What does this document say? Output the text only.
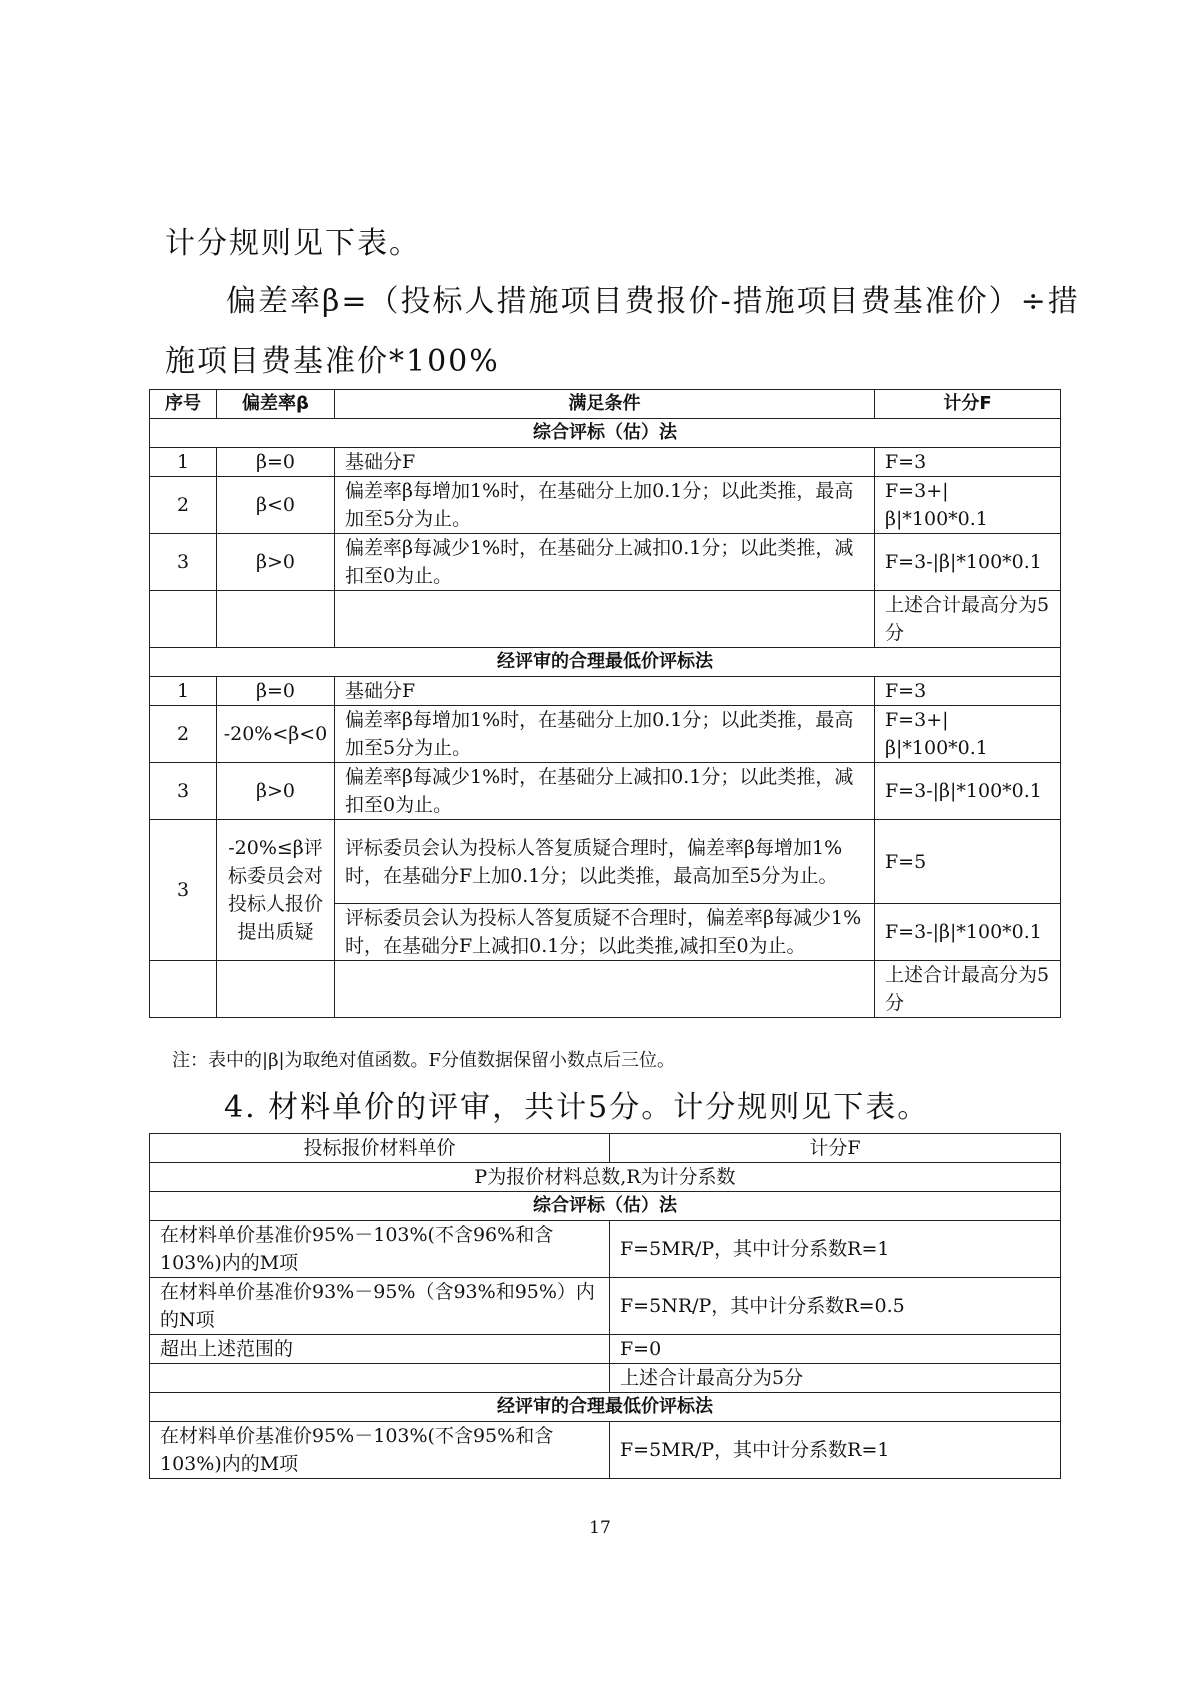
计分规则见下表。

偏差率β=（投标人措施项目费报价-措施项目费基准价）÷措

施项目费基准价*100%

序号	偏差率β	满足条件	计分F
综合评标（估）法			
1	β=0	基础分F	F=3
2	β<0	偏差率β每增加1%时，在基础分上加0.1分；以此类推，最高加至5分为止。	F=3+|β|*100*0.1
3	β>0	偏差率β每减少1%时，在基础分上减扣0.1分；以此类推，减扣至0为止。	F=3-|β|*100*0.1
			上述合计最高分为5分
经评审的合理最低价评标法			
1	β=0	基础分F	F=3
2	-20%<β<0	偏差率β每增加1%时，在基础分上加0.1分；以此类推，最高加至5分为止。	F=3+|β|*100*0.1
3	β>0	偏差率β每减少1%时，在基础分上减扣0.1分；以此类推，减扣至0为止。	F=3-|β|*100*0.1
3	-20%≤β评标委员会对投标人报价提出质疑	评标委员会认为投标人答复质疑合理时，偏差率β每增加1%时，在基础分F上加0.1分；以此类推，最高加至5分为止。	F=5
		评标委员会认为投标人答复质疑不合理时，偏差率β每减少1%时，在基础分F上减扣0.1分；以此类推,减扣至0为止。	F=3-|β|*100*0.1
			上述合计最高分为5分

注：表中的|β|为取绝对值函数。F分值数据保留小数点后三位。

4. 材料单价的评审，共计5分。计分规则见下表。

投标报价材料单价	计分F
P为报价材料总数,R为计分系数	
综合评标（估）法	
在材料单价基准价95%－103%(不含96%和含103%)内的M项	F=5MR/P，其中计分系数R=1
在材料单价基准价93%－95%（含93%和95%）内的N项	F=5NR/P，其中计分系数R=0.5
超出上述范围的	F=0
	上述合计最高分为5分
经评审的合理最低价评标法	
在材料单价基准价95%－103%(不含95%和含103%)内的M项	F=5MR/P，其中计分系数R=1

17
